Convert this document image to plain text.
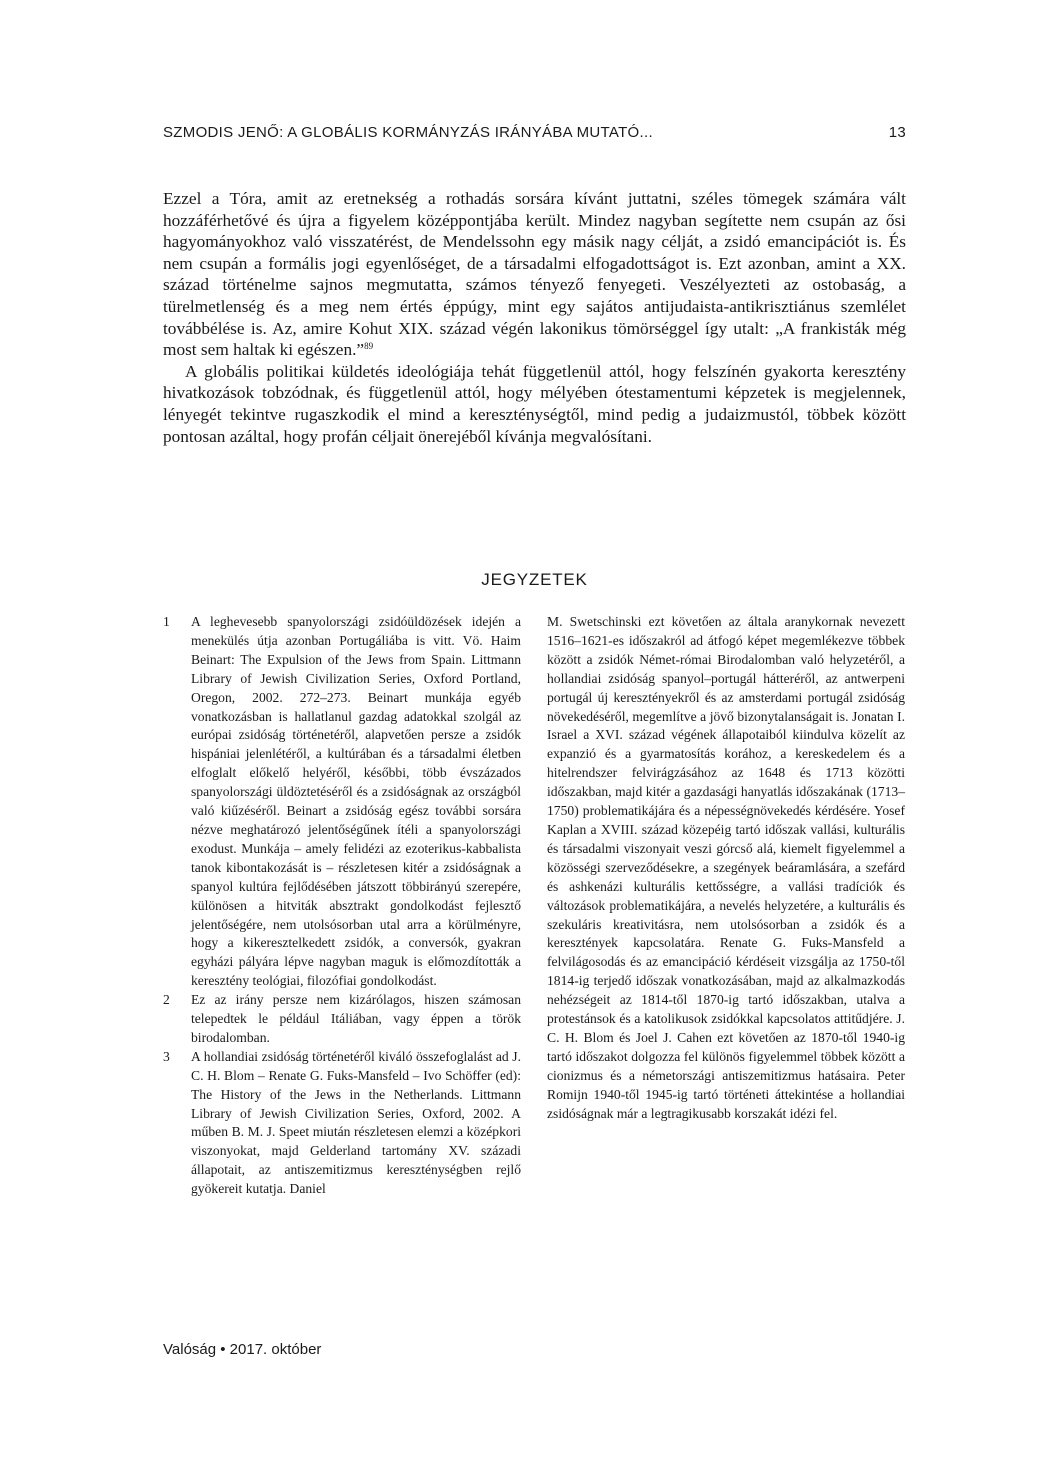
SZMODIS JENŐ: A GLOBÁLIS KORMÁNYZÁS IRÁNYÁBA MUTATÓ...	13

Ezzel a Tóra, amit az eretnekség a rothadás sorsára kívánt juttatni, széles tömegek számára vált hozzáférhetővé és újra a figyelem középpontjába került. Mindez nagyban segítette nem csupán az ősi hagyományokhoz való visszatérést, de Mendelssohn egy másik nagy célját, a zsidó emancipációt is. És nem csupán a formális jogi egyenlőséget, de a társadalmi elfogadottságot is. Ezt azonban, amint a XX. század történelme sajnos megmutatta, számos tényező fenyegeti. Veszélyezteti az ostobaság, a türelmetlenség és a meg nem értés éppúgy, mint egy sajátos antijudaista-antikrisztiánus szemlélet továbbélése is. Az, amire Kohut XIX. század végén lakonikus tömörséggel így utalt: „A frankisták még most sem haltak ki egészen.”$^{89}$

A globális politikai küldetés ideológiája tehát függetlenül attól, hogy felszínén gyakorta keresztény hivatkozások tobzódnak, és függetlenül attól, hogy mélyében ótestamentumi képzetek is megjelennek, lényegét tekintve rugaszkodik el mind a kereszténységtől, mind pedig a judaizmustól, többek között pontosan azáltal, hogy profán céljait önerejéből kívánja megvalósítani.

JEGYZETEK
1	A leghevesebb spanyolországi zsidóüldözések idején a menekülés útja azonban Portugáliába is vitt. Vö. Haim Beinart: The Expulsion of the Jews from Spain. Littmann Library of Jewish Civilization Series, Oxford Portland, Oregon, 2002. 272–273. Beinart munkája egyéb vonatkozásban is hallatlanul gazdag adatokkal szolgál az európai zsidóság történetéről, alapvetően persze a zsidók hispániai jelenlétéről, a kultúrában és a társadalmi életben elfoglalt előkelő helyéről, későbbi, több évszázados spanyolországi üldöztetéséről és a zsidóságnak az országból való kiűzéséről. Beinart a zsidóság egész további sorsára nézve meghatározó jelentőségűnek ítéli a spanyolországi exodust. Munkája – amely felidézi az ezoterikus-kabbalista tanok kibontakozását is – részletesen kitér a zsidóságnak a spanyol kultúra fejlődésében játszott többirányú szerepére, különösen a hitviták absztrakt gondolkodást fejlesztő jelentőségére, nem utolsósorban utal arra a körülményre, hogy a kikeresztelkedett zsidók, a conversók, gyakran egyházi pályára lépve nagyban maguk is előmozdították a keresztény teológiai, filozófiai gondolkodást.
2	Ez az irány persze nem kizárólagos, hiszen számosan telepedtek le például Itáliában, vagy éppen a török birodalomban.
3	A hollandiai zsidóság történetéről kiváló összefoglalást ad J. C. H. Blom – Renate G. Fuks-Mansfeld – Ivo Schöffer (ed): The History of the Jews in the Netherlands. Littmann Library of Jewish Civilization Series, Oxford, 2002. A műben B. M. J. Speet miután részletesen elemzi a középkori viszonyokat, majd Gelderland tartomány XV. századi állapotait, az antiszemitizmus kereszténységben rejlő gyökereit kutatja. Daniel

M. Swetschinski ezt követően az általa aranykornak nevezett 1516–1621-es időszakról ad átfogó képet megemlékezve többek között a zsidók Német-római Birodalomban való helyzetéről, a hollandiai zsidóság spanyol–portugál hátteréről, az antwerpeni portugál új keresztényekről és az amsterdami portugál zsidóság növekedéséről, megemlítve a jövő bizonytalanságait is. Jonatan I. Israel a XVI. század végének állapotaiból kiindulva közelít az expanzió és a gyarmatosítás korához, a kereskedelem és a hitelrendszer felvirágzásához az 1648 és 1713 közötti időszakban, majd kitér a gazdasági hanyatlás időszakának (1713–1750) problematikájára és a népességnövekedés kérdésére. Yosef Kaplan a XVIII. század közepéig tartó időszak vallási, kulturális és társadalmi viszonyait veszi górcső alá, kiemelt figyelemmel a közösségi szerveződésekre, a szegények beáramlására, a szefárd és ashkenázi kulturális kettősségre, a vallási tradíciók és változások problematikájára, a nevelés helyzetére, a kulturális és szekuláris kreativitásra, nem utolsósorban a zsidók és a keresztények kapcsolatára. Renate G. Fuks-Mansfeld a felvilágosodás és az emancipáció kérdéseit vizsgálja az 1750-től 1814-ig terjedő időszak vonatkozásában, majd az alkalmazkodás nehézségeit az 1814-től 1870-ig tartó időszakban, utalva a protestánsok és a katolikusok zsidókkal kapcsolatos attitűdjére. J. C. H. Blom és Joel J. Cahen ezt követően az 1870-től 1940-ig tartó időszakot dolgozza fel különös figyelemmel többek között a cionizmus és a németországi antiszemitizmus hatásaira. Peter Romijn 1940-től 1945-ig tartó történeti áttekintése a hollandiai zsidóságnak már a legtragikusabb korszakát idézi fel.

Valóság • 2017. október
